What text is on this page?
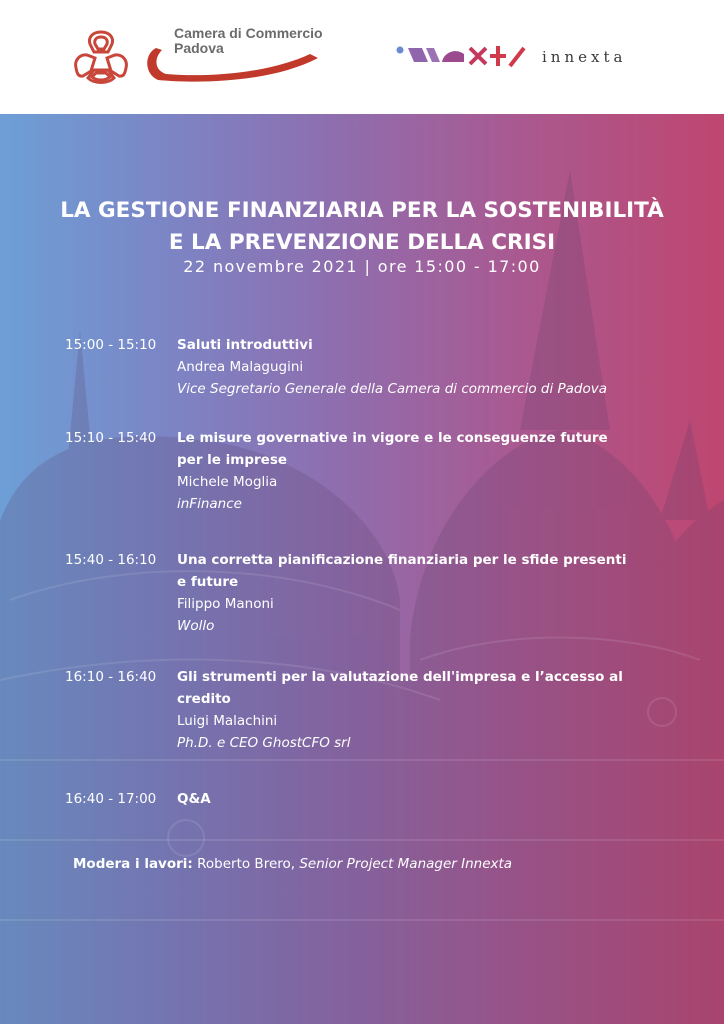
Camera di Commercio
Padova	innexta
LA GESTIONE FINANZIARIA PER LA SOSTENIBILITÀ
E LA PREVENZIONE DELLA CRISI
22 novembre 2021 | ore 15:00 - 17:00
15:00 - 15:10 Saluti introduttivi
Andrea Malagugini
Vice Segretario Generale della Camera di commercio di Padova
15:10 - 15:40 Le misure governative in vigore e le conseguenze future per le imprese
Michele Moglia
inFinance
15:40 - 16:10 Una corretta pianificazione finanziaria per le sfide presenti e future
Filippo Manoni
Wollo
16:10 - 16:40 Gli strumenti per la valutazione dell'impresa e l’accesso al credito
Luigi Malachini
Ph.D. e CEO GhostCFO srl
16:40 - 17:00 Q&A
Modera i lavori: Roberto Brero, Senior Project Manager Innexta
